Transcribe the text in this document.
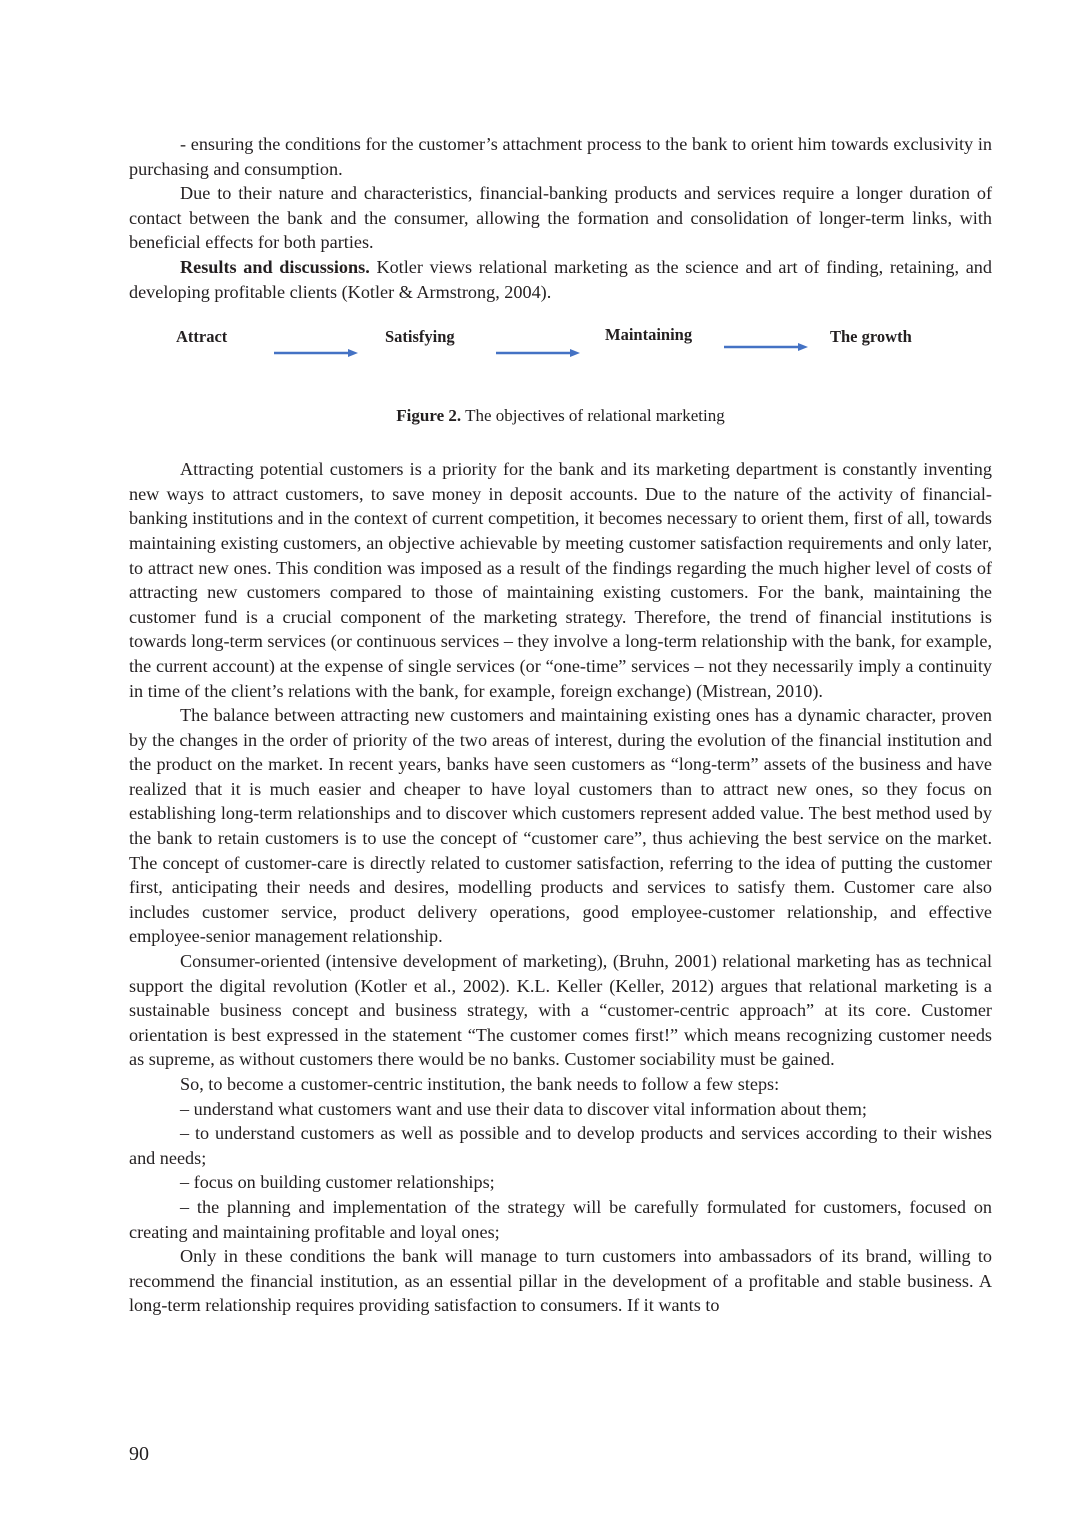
- ensuring the conditions for the customer’s attachment process to the bank to orient him towards exclusivity in purchasing and consumption.

Due to their nature and characteristics, financial-banking products and services require a longer duration of contact between the bank and the consumer, allowing the formation and consolidation of longer-term links, with beneficial effects for both parties.

Results and discussions. Kotler views relational marketing as the science and art of finding, retaining, and developing profitable clients (Kotler & Armstrong, 2004).

Attract	Satisfying	Maintaining	The growth
Figure 2. The objectives of relational marketing

Attracting potential customers is a priority for the bank and its marketing department is constantly inventing new ways to attract customers, to save money in deposit accounts. Due to the nature of the activity of financial-banking institutions and in the context of current competition, it becomes necessary to orient them, first of all, towards maintaining existing customers, an objective achievable by meeting customer satisfaction requirements and only later, to attract new ones. This condition was imposed as a result of the findings regarding the much higher level of costs of attracting new customers compared to those of maintaining existing customers. For the bank, maintaining the customer fund is a crucial component of the marketing strategy. Therefore, the trend of financial institutions is towards long-term services (or continuous services – they involve a long-term relationship with the bank, for example, the current account) at the expense of single services (or “one-time” services – not they necessarily imply a continuity in time of the client’s relations with the bank, for example, foreign exchange) (Mistrean, 2010).

The balance between attracting new customers and maintaining existing ones has a dynamic character, proven by the changes in the order of priority of the two areas of interest, during the evolution of the financial institution and the product on the market. In recent years, banks have seen customers as “long-term” assets of the business and have realized that it is much easier and cheaper to have loyal customers than to attract new ones, so they focus on establishing long-term relationships and to discover which customers represent added value. The best method used by the bank to retain customers is to use the concept of “customer care”, thus achieving the best service on the market. The concept of customer-care is directly related to customer satisfaction, referring to the idea of putting the customer first, anticipating their needs and desires, modelling products and services to satisfy them. Customer care also includes customer service, product delivery operations, good employee-customer relationship, and effective employee-senior management relationship.

Consumer-oriented (intensive development of marketing), (Bruhn, 2001) relational marketing has as technical support the digital revolution (Kotler et al., 2002). K.L. Keller (Keller, 2012) argues that relational marketing is a sustainable business concept and business strategy, with a “customer-centric approach” at its core. Customer orientation is best expressed in the statement “The customer comes first!” which means recognizing customer needs as supreme, as without customers there would be no banks. Customer sociability must be gained.

So, to become a customer-centric institution, the bank needs to follow a few steps:

– understand what customers want and use their data to discover vital information about them;

– to understand customers as well as possible and to develop products and services according to their wishes and needs;

– focus on building customer relationships;

– the planning and implementation of the strategy will be carefully formulated for customers, focused on creating and maintaining profitable and loyal ones;

Only in these conditions the bank will manage to turn customers into ambassadors of its brand, willing to recommend the financial institution, as an essential pillar in the development of a profitable and stable business. A long-term relationship requires providing satisfaction to consumers. If it wants to

90
